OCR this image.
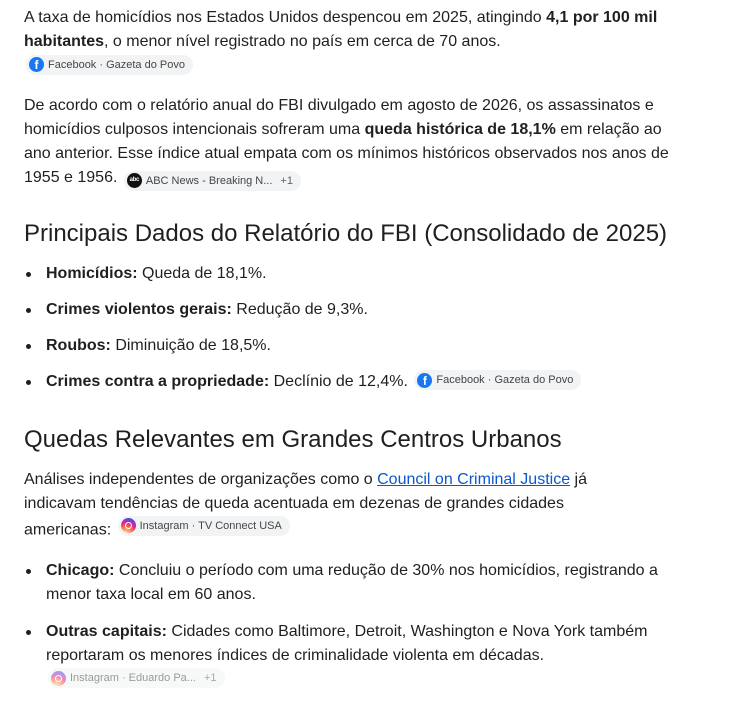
A taxa de homicídios nos Estados Unidos despencou em 2025, atingindo 4,1 por 100 mil habitantes, o menor nível registrado no país em cerca de 70 anos.
f Facebook · Gazeta do Povo

De acordo com o relatório anual do FBI divulgado em agosto de 2026, os assassinatos e homicídios culposos intencionais sofreram uma queda histórica de 18,1% em relação ao ano anterior. Esse índice atual empata com os mínimos históricos observados nos anos de 1955 e 1956.	abc ABC News - Breaking N... +1

Principais Dados do Relatório do FBI (Consolidado de 2025)
Homicídios: Queda de 18,1%.
Crimes violentos gerais: Redução de 9,3%.
Roubos: Diminuição de 18,5%.
Crimes contra a propriedade: Declínio de 12,4%.	f Facebook · Gazeta do Povo
Quedas Relevantes em Grandes Centros Urbanos

Análises independentes de organizações como o Council on Criminal Justice já indicavam tendências de queda acentuada em dezenas de grandes cidades americanas:	Instagram · TV Connect USA

Chicago: Concluiu o período com uma redução de 30% nos homicídios, registrando a menor taxa local em 60 anos.
Outras capitais: Cidades como Baltimore, Detroit, Washington e Nova York também reportaram os menores índices de criminalidade violenta em décadas.
Instagram · Eduardo Pa... +1
